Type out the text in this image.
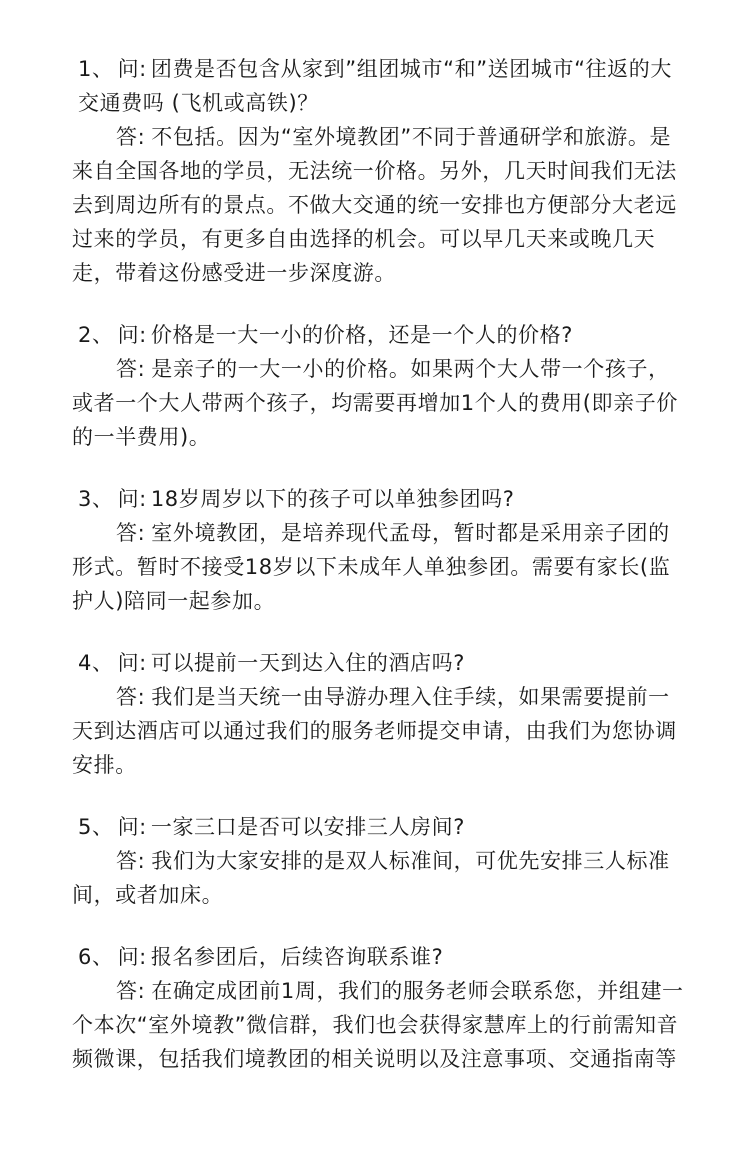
1、 问: 团费是否包含从家到”组团城市“和”送团城市“往返的大交通费吗 (飞机或高铁)？
答: 不包括。因为“室外境教团”不同于普通研学和旅游。是来自全国各地的学员，无法统一价格。另外，几天时间我们无法去到周边所有的景点。不做大交通的统一安排也方便部分大老远过来的学员，有更多自由选择的机会。可以早几天来或晚几天走，带着这份感受进一步深度游。
2、 问: 价格是一大一小的价格，还是一个人的价格?
答: 是亲子的一大一小的价格。如果两个大人带一个孩子，或者一个大人带两个孩子，均需要再增加1个人的费用(即亲子价的一半费用)。
3、 问: 18岁周岁以下的孩子可以单独参团吗?
答: 室外境教团，是培养现代孟母，暂时都是采用亲子团的形式。暂时不接受18岁以下未成年人单独参团。需要有家长(监护人)陪同一起参加。
4、 问: 可以提前一天到达入住的酒店吗?
答: 我们是当天统一由导游办理入住手续，如果需要提前一天到达酒店可以通过我们的服务老师提交申请，由我们为您协调安排。
5、 问: 一家三口是否可以安排三人房间?
答: 我们为大家安排的是双人标准间，可优先安排三人标准间，或者加床。
6、 问: 报名参团后，后续咨询联系谁?
答: 在确定成团前1周，我们的服务老师会联系您，并组建一个本次“室外境教”微信群，我们也会获得家慧库上的行前需知音频微课，包括我们境教团的相关说明以及注意事项、交通指南等
